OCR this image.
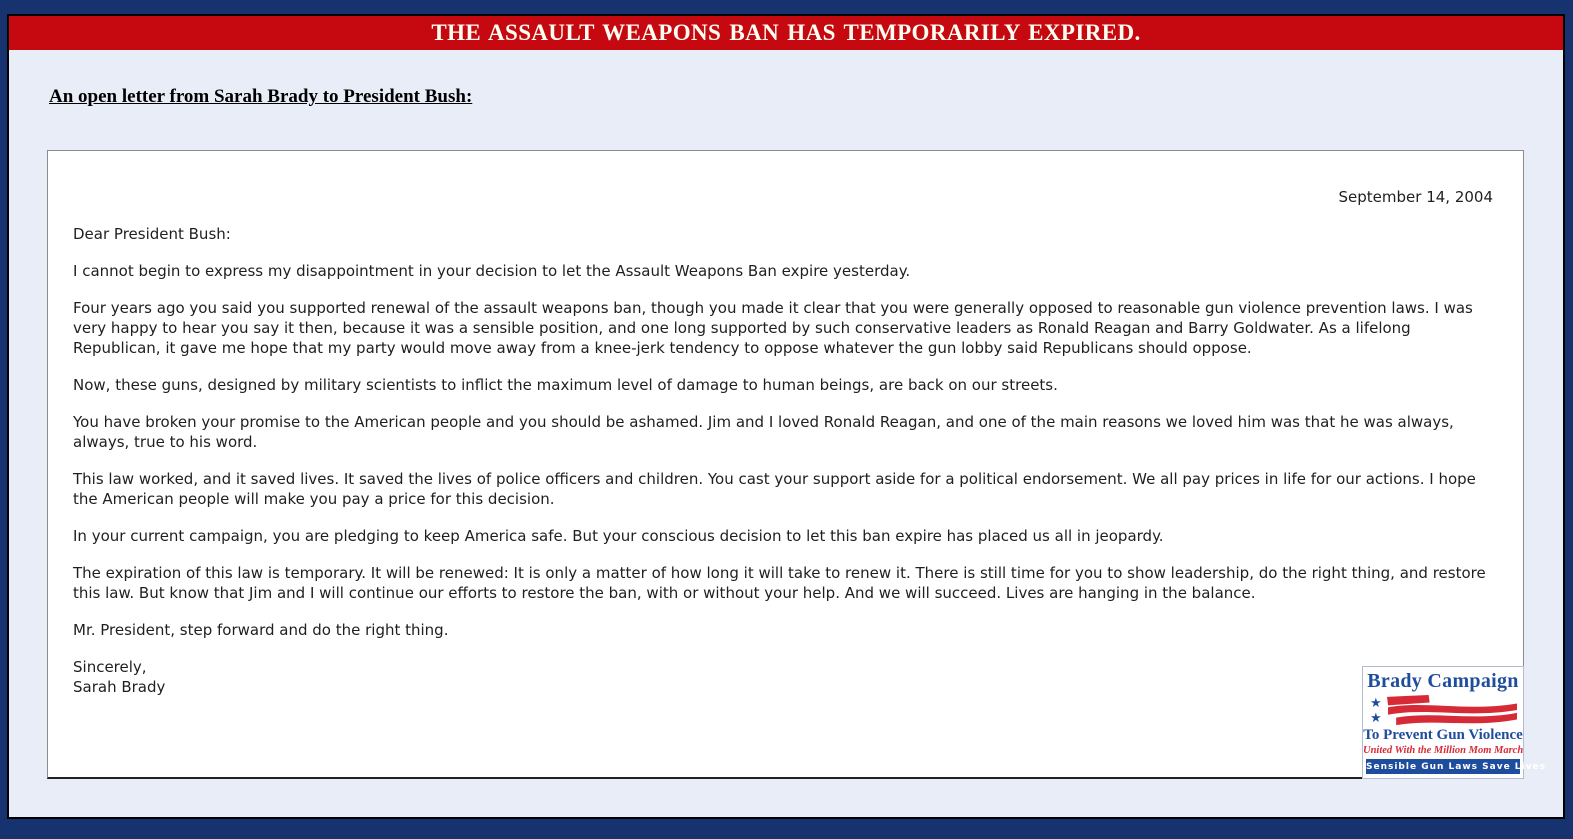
THE ASSAULT WEAPONS BAN HAS TEMPORARILY EXPIRED.
An open letter from Sarah Brady to President Bush:
September 14, 2004

Dear President Bush:

I cannot begin to express my disappointment in your decision to let the Assault Weapons Ban expire yesterday.

Four years ago you said you supported renewal of the assault weapons ban, though you made it clear that you were generally opposed to reasonable gun violence prevention laws. I was very happy to hear you say it then, because it was a sensible position, and one long supported by such conservative leaders as Ronald Reagan and Barry Goldwater. As a lifelong Republican, it gave me hope that my party would move away from a knee-jerk tendency to oppose whatever the gun lobby said Republicans should oppose.

Now, these guns, designed by military scientists to inflict the maximum level of damage to human beings, are back on our streets.

You have broken your promise to the American people and you should be ashamed. Jim and I loved Ronald Reagan, and one of the main reasons we loved him was that he was always, always, true to his word.

This law worked, and it saved lives. It saved the lives of police officers and children. You cast your support aside for a political endorsement. We all pay prices in life for our actions. I hope the American people will make you pay a price for this decision.

In your current campaign, you are pledging to keep America safe. But your conscious decision to let this ban expire has placed us all in jeopardy.

The expiration of this law is temporary. It will be renewed: It is only a matter of how long it will take to renew it. There is still time for you to show leadership, do the right thing, and restore this law. But know that Jim and I will continue our efforts to restore the ban, with or without your help. And we will succeed. Lives are hanging in the balance.

Mr. President, step forward and do the right thing.

Sincerely,
Sarah Brady	Brady Campaign
★
★
To Prevent Gun Violence
United With the Million Mom March
Sensible Gun Laws Save Lives
